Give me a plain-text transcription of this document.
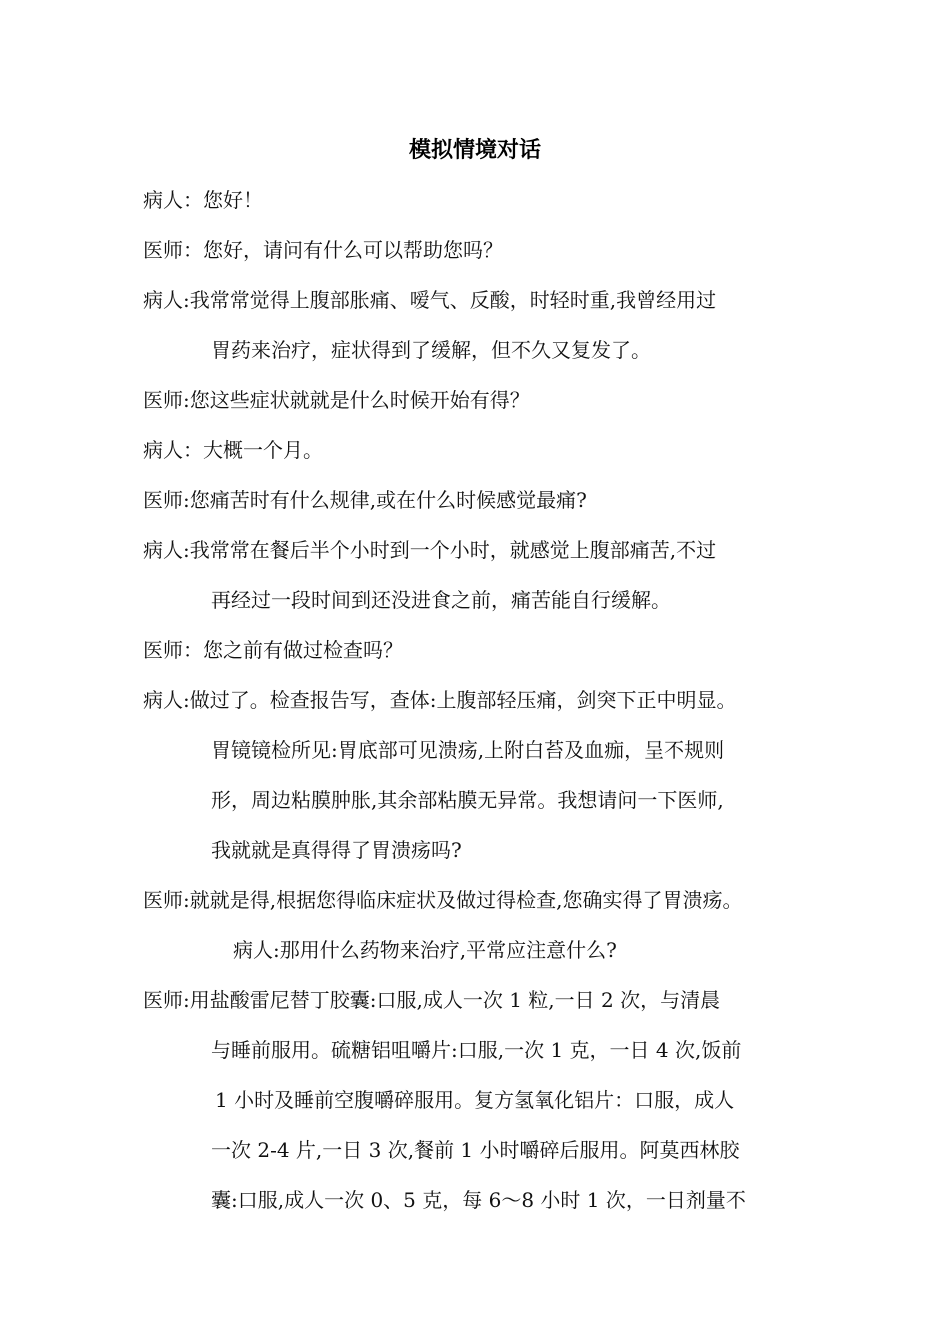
模拟情境对话
病人：您好！
医师：您好，请问有什么可以帮助您吗？
病人:我常常觉得上腹部胀痛、嗳气、反酸，时轻时重,我曾经用过
胃药来治疗，症状得到了缓解，但不久又复发了。
医师:您这些症状就就是什么时候开始有得？
病人：大概一个月。
医师:您痛苦时有什么规律,或在什么时候感觉最痛?
病人:我常常在餐后半个小时到一个小时，就感觉上腹部痛苦,不过
再经过一段时间到还没进食之前，痛苦能自行缓解。
医师：您之前有做过检查吗？
病人:做过了。检查报告写，查体:上腹部轻压痛，剑突下正中明显。
胃镜镜检所见:胃底部可见溃疡,上附白苔及血痂，呈不规则
形，周边粘膜肿胀,其余部粘膜无异常。我想请问一下医师,
我就就是真得得了胃溃疡吗?
医师:就就是得,根据您得临床症状及做过得检查,您确实得了胃溃疡。
病人:那用什么药物来治疗,平常应注意什么?
医师:用盐酸雷尼替丁胶囊:口服,成人一次 1 粒,一日 2 次，与清晨
与睡前服用。硫糖铝咀嚼片:口服,一次 1 克，一日 4 次,饭前
1 小时及睡前空腹嚼碎服用。复方氢氧化铝片：口服，成人
一次 2-4 片,一日 3 次,餐前 1 小时嚼碎后服用。阿莫西林胶
囊:口服,成人一次 0、5 克，每 6～8 小时 1 次，一日剂量不
